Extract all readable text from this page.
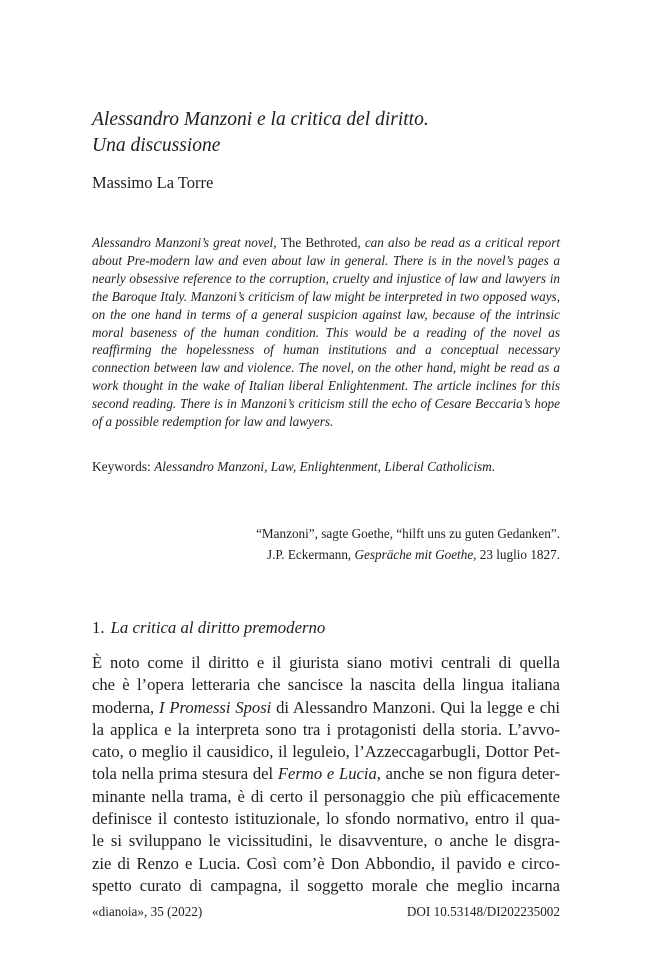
Alessandro Manzoni e la critica del diritto.
Una discussione

Massimo La Torre

Alessandro Manzoni’s great novel, The Bethroted, can also be read as a critical report about Pre-modern law and even about law in general. There is in the novel’s pages a nearly obsessive reference to the corruption, cruelty and injustice of law and lawyers in the Baroque Italy. Manzoni’s criticism of law might be interpreted in two opposed ways, on the one hand in terms of a general suspicion against law, because of the intrinsic moral baseness of the human condition. This would be a reading of the novel as reaffirming the hopelessness of human institutions and a conceptual necessary connection between law and violence. The novel, on the other hand, might be read as a work thought in the wake of Italian liberal Enlightenment. The article inclines for this second reading. There is in Manzoni’s criticism still the echo of Cesare Beccaria’s hope of a possible redemption for law and lawyers.

Keywords: Alessandro Manzoni, Law, Enlightenment, Liberal Catholicism.

“Manzoni”, sagte Goethe, “hilft uns zu guten Gedanken”.
J.P. Eckermann, Gespräche mit Goethe, 23 luglio 1827.

1. La critica al diritto premoderno
È noto come il diritto e il giurista siano motivi centrali di quella
che è l’opera letteraria che sancisce la nascita della lingua italiana
moderna, I Promessi Sposi di Alessandro Manzoni. Qui la legge e chi
la applica e la interpreta sono tra i protagonisti della storia. L’avvo-
cato, o meglio il causidico, il leguleio, l’Azzeccagarbugli, Dottor Pet-
tola nella prima stesura del Fermo e Lucia, anche se non figura deter-
minante nella trama, è di certo il personaggio che più efficacemente
definisce il contesto istituzionale, lo sfondo normativo, entro il qua-
le si sviluppano le vicissitudini, le disavventure, o anche le disgra-
zie di Renzo e Lucia. Così com’è Don Abbondio, il pavido e circo-
spetto curato di campagna, il soggetto morale che meglio incarna
«dianoia», 35 (2022)	DOI 10.53148/DI202235002
